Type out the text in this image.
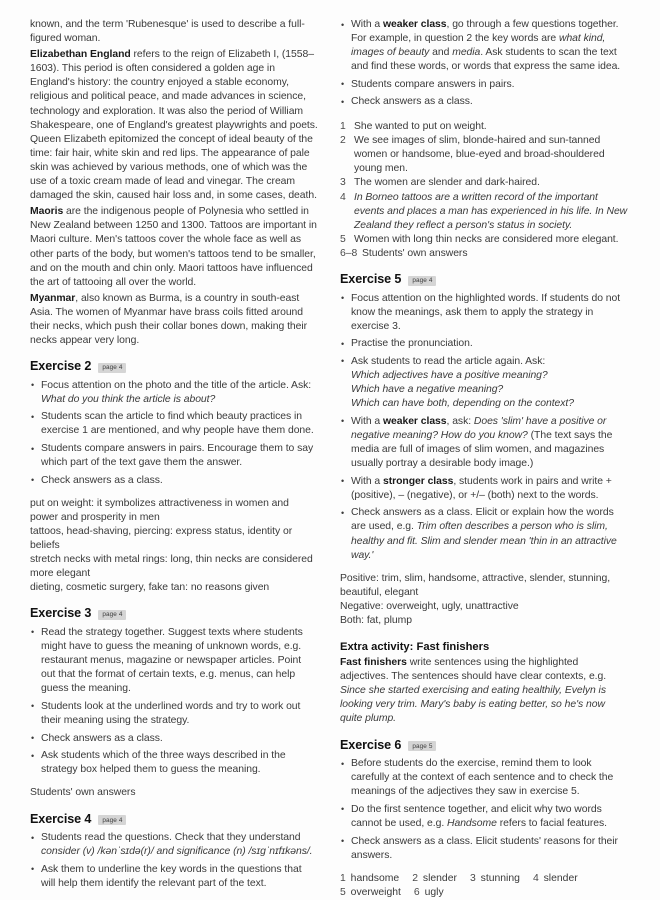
known, and the term 'Rubenesque' is used to describe a full-figured woman.

Elizabethan England refers to the reign of Elizabeth I, (1558–1603). This period is often considered a golden age in England's history: the country enjoyed a stable economy, religious and political peace, and made advances in science, technology and exploration. It was also the period of William Shakespeare, one of England's greatest playwrights and poets. Queen Elizabeth epitomized the concept of ideal beauty of the time: fair hair, white skin and red lips. The appearance of pale skin was achieved by various methods, one of which was the use of a toxic cream made of lead and vinegar. The cream damaged the skin, caused hair loss and, in some cases, death.

Maoris are the indigenous people of Polynesia who settled in New Zealand between 1250 and 1300. Tattoos are important in Maori culture. Men's tattoos cover the whole face as well as other parts of the body, but women's tattoos tend to be smaller, and on the mouth and chin only. Maori tattoos have influenced the art of tattooing all over the world.

Myanmar, also known as Burma, is a country in south-east Asia. The women of Myanmar have brass coils fitted around their necks, which push their collar bones down, making their necks appear very long.

Exercise 2	page 4
• Focus attention on the photo and the title of the article. Ask: What do you think the article is about?
• Students scan the article to find which beauty practices in exercise 1 are mentioned, and why people have them done.
• Students compare answers in pairs. Encourage them to say which part of the text gave them the answer.
• Check answers as a class.
put on weight: it symbolizes attractiveness in women and power and prosperity in men
tattoos, head-shaving, piercing: express status, identity or beliefs
stretch necks with metal rings: long, thin necks are considered more elegant
dieting, cosmetic surgery, fake tan: no reasons given
Exercise 3	page 4
• Read the strategy together. Suggest texts where students might have to guess the meaning of unknown words, e.g. restaurant menus, magazine or newspaper articles. Point out that the format of certain texts, e.g. menus, can help guess the meaning.
• Students look at the underlined words and try to work out their meaning using the strategy.
• Check answers as a class.
• Ask students which of the three ways described in the strategy box helped them to guess the meaning.
Students' own answers
Exercise 4	page 4
• Students read the questions. Check that they understand consider (v) /kənˈsɪdə(r)/ and significance (n) /sɪɡˈnɪfɪkəns/.
• Ask them to underline the key words in the questions that will help them identify the relevant part of the text.
• With a weaker class, go through a few questions together. For example, in question 2 the key words are what kind, images of beauty and media. Ask students to scan the text and find these words, or words that express the same idea.
• Students compare answers in pairs.
• Check answers as a class.
1 She wanted to put on weight.
2 We see images of slim, blonde-haired and sun-tanned women or handsome, blue-eyed and broad-shouldered young men.
3 The women are slender and dark-haired.
4 In Borneo tattoos are a written record of the important events and places a man has experienced in his life. In New Zealand they reflect a person's status in society.
5 Women with long thin necks are considered more elegant.
6–8 Students' own answers
Exercise 5	page 4
• Focus attention on the highlighted words. If students do not know the meanings, ask them to apply the strategy in exercise 3.
• Practise the pronunciation.
• Ask students to read the article again. Ask:
Which adjectives have a positive meaning?
Which have a negative meaning?
Which can have both, depending on the context?
• With a weaker class, ask: Does 'slim' have a positive or negative meaning? How do you know? (The text says the media are full of images of slim women, and magazines usually portray a desirable body image.)
• With a stronger class, students work in pairs and write + (positive), – (negative), or +/– (both) next to the words.
• Check answers as a class. Elicit or explain how the words are used, e.g. Trim often describes a person who is slim, healthy and fit. Slim and slender mean 'thin in an attractive way.'
Positive: trim, slim, handsome, attractive, slender, stunning, beautiful, elegant
Negative: overweight, ugly, unattractive
Both: fat, plump
Extra activity: Fast finishers

Fast finishers write sentences using the highlighted adjectives. The sentences should have clear contexts, e.g. Since she started exercising and eating healthily, Evelyn is looking very trim. Mary's baby is eating better, so he's now quite plump.

Exercise 6	page 5
• Before students do the exercise, remind them to look carefully at the context of each sentence and to check the meanings of the adjectives they saw in exercise 5.
• Do the first sentence together, and elicit why two words cannot be used, e.g. Handsome refers to facial features.
• Check answers as a class. Elicit students' reasons for their answers.
1 handsome 2 slender 3 stunning 4 slender
5 overweight 6 ugly
